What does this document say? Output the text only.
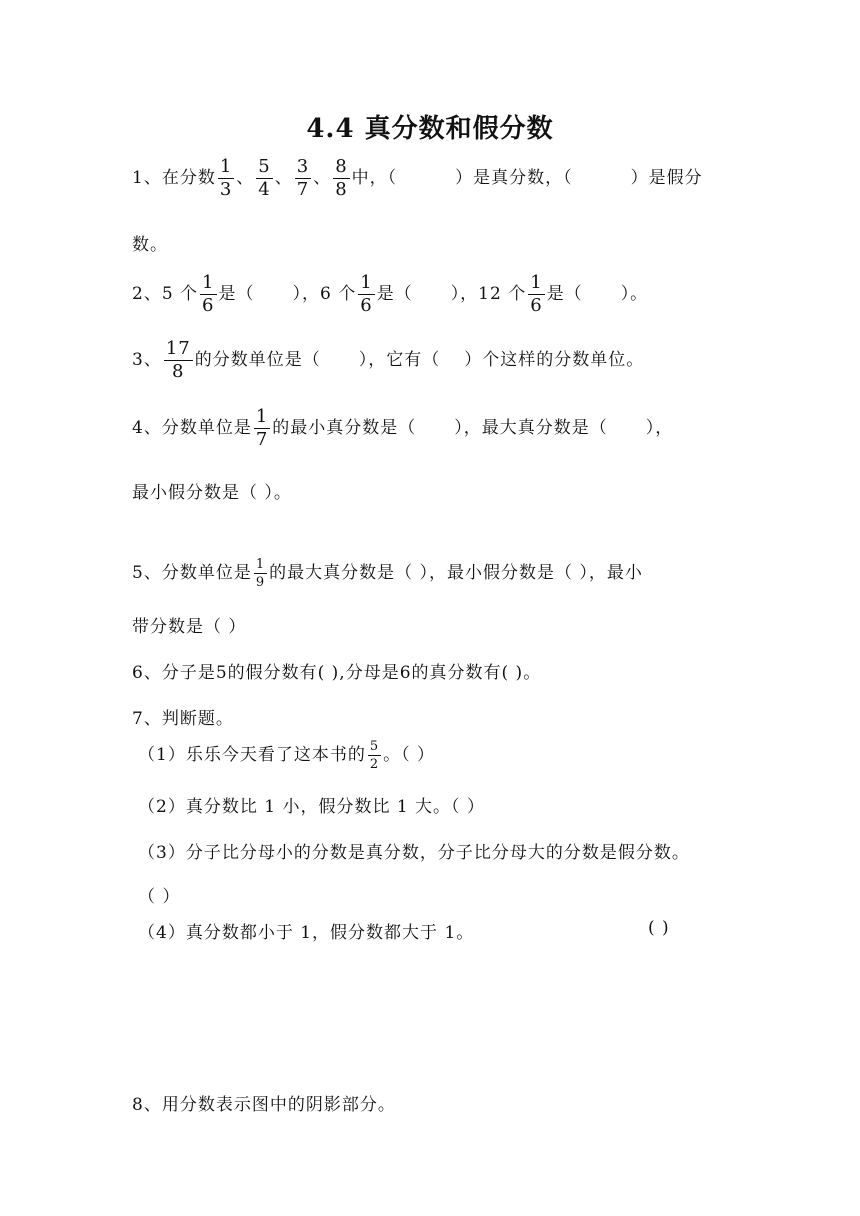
4.4 真分数和假分数
1、在分数 $\frac{1}{3}$ 、 $\frac{5}{4}$ 、 $\frac{3}{7}$ 、 $\frac{8}{8}$ 中，（	）是真分数，（	）是假分
数。
2、5 个 $\frac{1}{6}$ 是（ ），6 个 $\frac{1}{6}$ 是（ ），12 个 $\frac{1}{6}$ 是（ ）。
3、 $\frac{17}{8}$ 的分数单位是（ ），它有（ ）个这样的分数单位。
4、分数单位是 $\frac{1}{7}$ 的最小真分数是（ ），最大真分数是（ ），
最小假分数是（ ）。
5、分数单位是 $\frac{1}{9}$ 的最大真分数是（ ），最小假分数是（ ），最小
带分数是（ ）
6、分子是5的假分数有( ),分母是6的真分数有( )。
7、判断题。
（1）乐乐今天看了这本书的 $\frac{5}{2}$ 。（ ）
（2）真分数比 1 小，假分数比 1 大。（ ）
（3）分子比分母小的分数是真分数，分子比分母大的分数是假分数。
（ ）
（4）真分数都小于 1，假分数都大于 1。	( )
8、用分数表示图中的阴影部分。
